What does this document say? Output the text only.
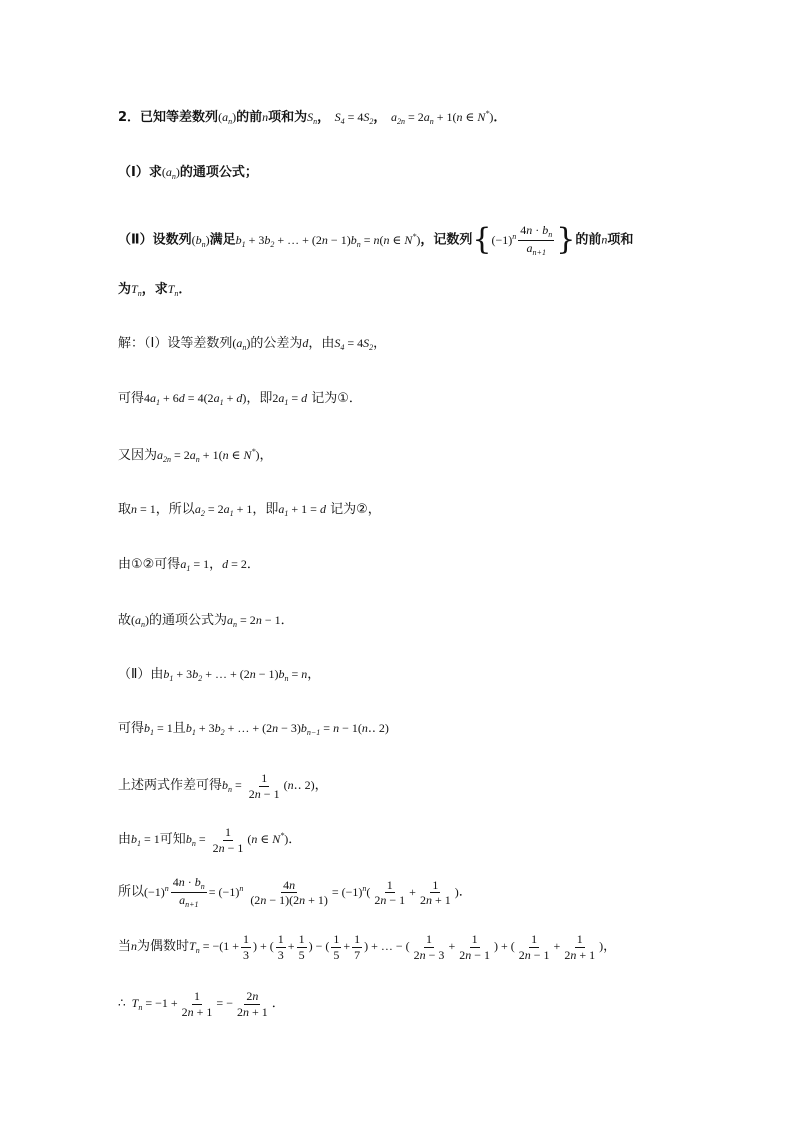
2．已知等差数列$(a_n)$的前n项和为$S_n$， $S_4 = 4S_2$， $a_{2n} = 2a_n + 1(n$ ∈ N*)．
（Ⅰ）求$(a_n)$的通项公式；
（Ⅱ）设数列$(b_n)$满足$b_1 + 3b_2$ + … + $(2n - 1)b_n = n(n$ ∈ N*)，记数列{$(-1)^n \frac{4n \cdot b_n}{a_{n+1}}$ }的前n项和
为$T_n$，求$T_n$．
解：（Ⅰ）设等差数列$(a_n)$的公差为d，由$S_4 = 4S_2$，
可得$4a_1 + 6d = 4(2a_1 + d)$，即$2a_1 = d$ 记为①．
又因为$a_{2n} = 2a_n + 1(n$ ∈ N*)，
取n = 1，所以$a_2 = 2a_1 + 1$，即$a_1 + 1 = d$ 记为②，
由①②可得$a_1 = 1$，d = 2．
故$(a_n)$的通项公式为$a_n = 2n - 1$．
（Ⅱ）由$b_1 + 3b_2$ + … + $(2n - 1)b_n = n$，
可得$b_1 = 1$且$b_1 + 3b_2$ + … + $(2n - 3)b_{n-1} = n$ − 1(n‥ 2)
上述两式作差可得$b_n = \frac{1}{2n - 1}$ (n‥ 2)，
由$b_1 = 1$可知$b_n = \frac{1}{2n - 1} (n$ ∈ N*)．
所以$(-1)^n \frac{4n \cdot b_n}{a_{n+1}} = (-1)^n \frac{4n}{(2n - 1)(2n + 1)} = (-1)^n( \frac{1}{2n - 1} + \frac{1}{2n + 1}$ )．
当n为偶数时$T_n = -(1 + \frac{1}{3}$ ) + ( $\frac{1}{3} + \frac{1}{5}$ ) − ( $\frac{1}{5} + \frac{1}{7}$ ) + … − ( $\frac{1}{2n - 3} + \frac{1}{2n - 1}$ ) + ( $\frac{1}{2n - 1} + \frac{1}{2n + 1}$ )，
∴  $T_n = -1 + \frac{1}{2n + 1}$ = − $\frac{2n}{2n + 1}$ ．
